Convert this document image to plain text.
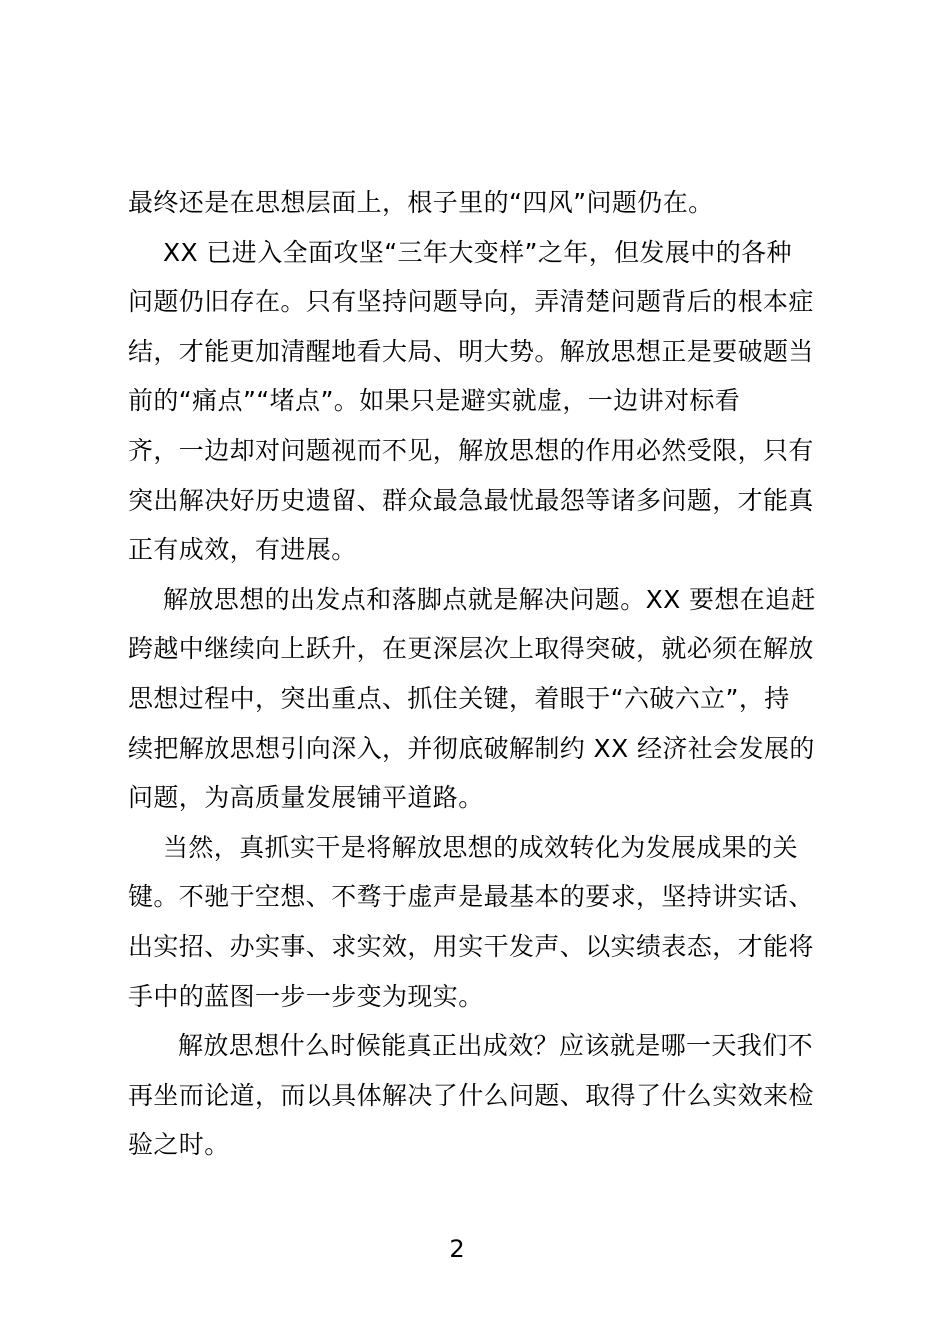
最终还是在思想层面上，根子里的“四风”问题仍在。
XX 已进入全面攻坚“三年大变样”之年，但发展中的各种
问题仍旧存在。只有坚持问题导向，弄清楚问题背后的根本症
结，才能更加清醒地看大局、明大势。解放思想正是要破题当
前的“痛点”“堵点”。如果只是避实就虚，一边讲对标看
齐，一边却对问题视而不见，解放思想的作用必然受限，只有
突出解决好历史遗留、群众最急最忧最怨等诸多问题，才能真
正有成效，有进展。
解放思想的出发点和落脚点就是解决问题。XX 要想在追赶
跨越中继续向上跃升，在更深层次上取得突破，就必须在解放
思想过程中，突出重点、抓住关键，着眼于“六破六立”，持
续把解放思想引向深入，并彻底破解制约 XX 经济社会发展的
问题，为高质量发展铺平道路。
当然，真抓实干是将解放思想的成效转化为发展成果的关
键。不驰于空想、不骛于虚声是最基本的要求，坚持讲实话、
出实招、办实事、求实效，用实干发声、以实绩表态，才能将
手中的蓝图一步一步变为现实。
解放思想什么时候能真正出成效？应该就是哪一天我们不
再坐而论道，而以具体解决了什么问题、取得了什么实效来检
验之时。
2
